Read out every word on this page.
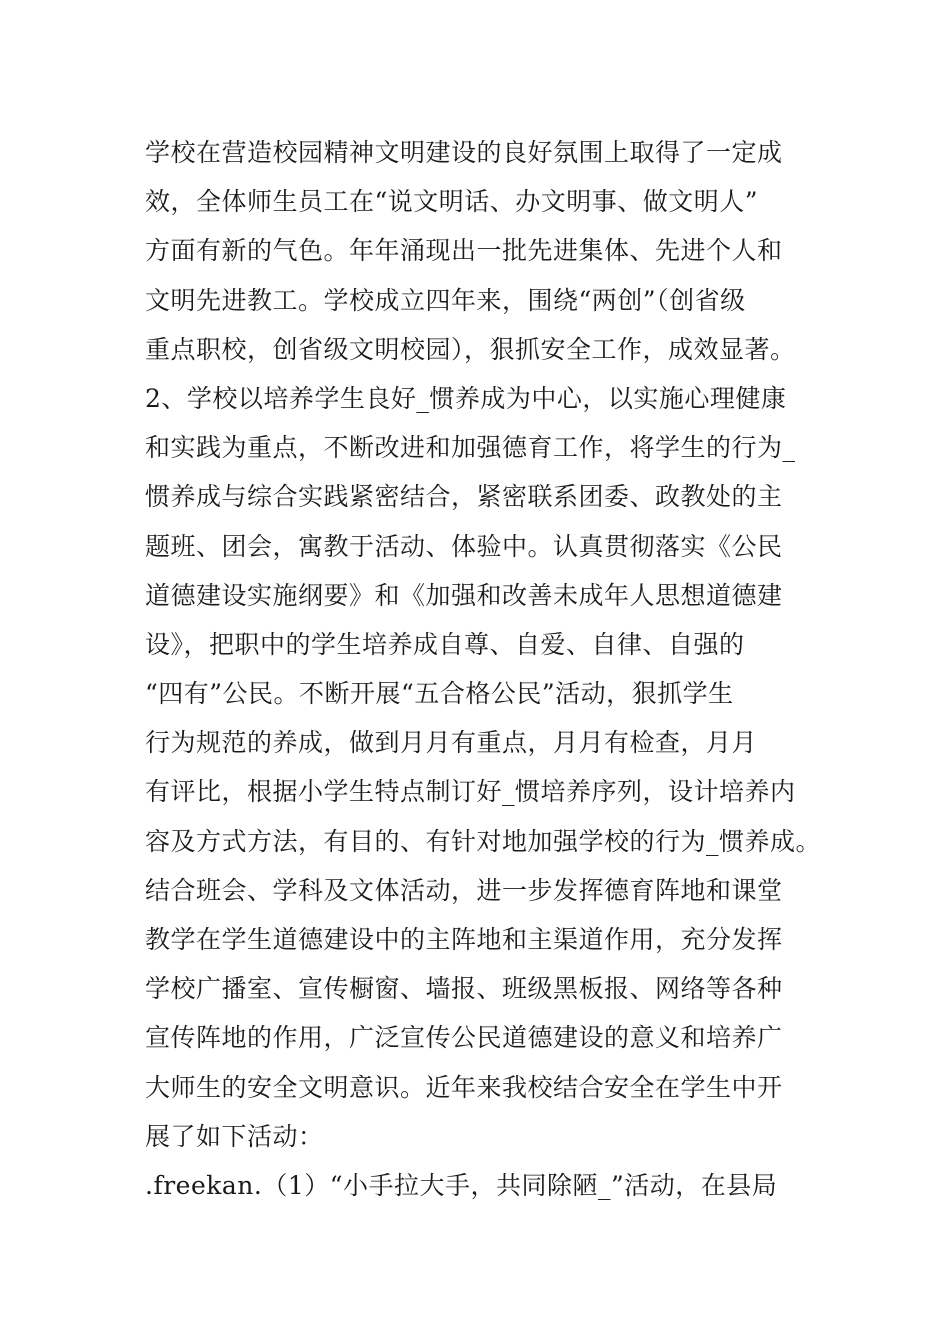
学校在营造校园精神文明建设的良好氛围上取得了一定成
效，全体师生员工在“说文明话、办文明事、做文明人”
方面有新的气色。年年涌现出一批先进集体、先进个人和
文明先进教工。学校成立四年来，围绕“两创”（创省级
重点职校，创省级文明校园），狠抓安全工作，成效显著。
2、学校以培养学生良好_惯养成为中心，以实施心理健康
和实践为重点，不断改进和加强德育工作，将学生的行为_
惯养成与综合实践紧密结合，紧密联系团委、政教处的主
题班、团会，寓教于活动、体验中。认真贯彻落实《公民
道德建设实施纲要》和《加强和改善未成年人思想道德建
设》，把职中的学生培养成自尊、自爱、自律、自强的
“四有”公民。不断开展“五合格公民”活动，狠抓学生
行为规范的养成，做到月月有重点，月月有检查，月月
有评比，根据小学生特点制订好_惯培养序列，设计培养内
容及方式方法，有目的、有针对地加强学校的行为_惯养成。
结合班会、学科及文体活动，进一步发挥德育阵地和课堂
教学在学生道德建设中的主阵地和主渠道作用，充分发挥
学校广播室、宣传橱窗、墙报、班级黑板报、网络等各种
宣传阵地的作用，广泛宣传公民道德建设的意义和培养广
大师生的安全文明意识。近年来我校结合安全在学生中开
展了如下活动：
.freekan.（1）“小手拉大手，共同除陋_”活动，在县局
